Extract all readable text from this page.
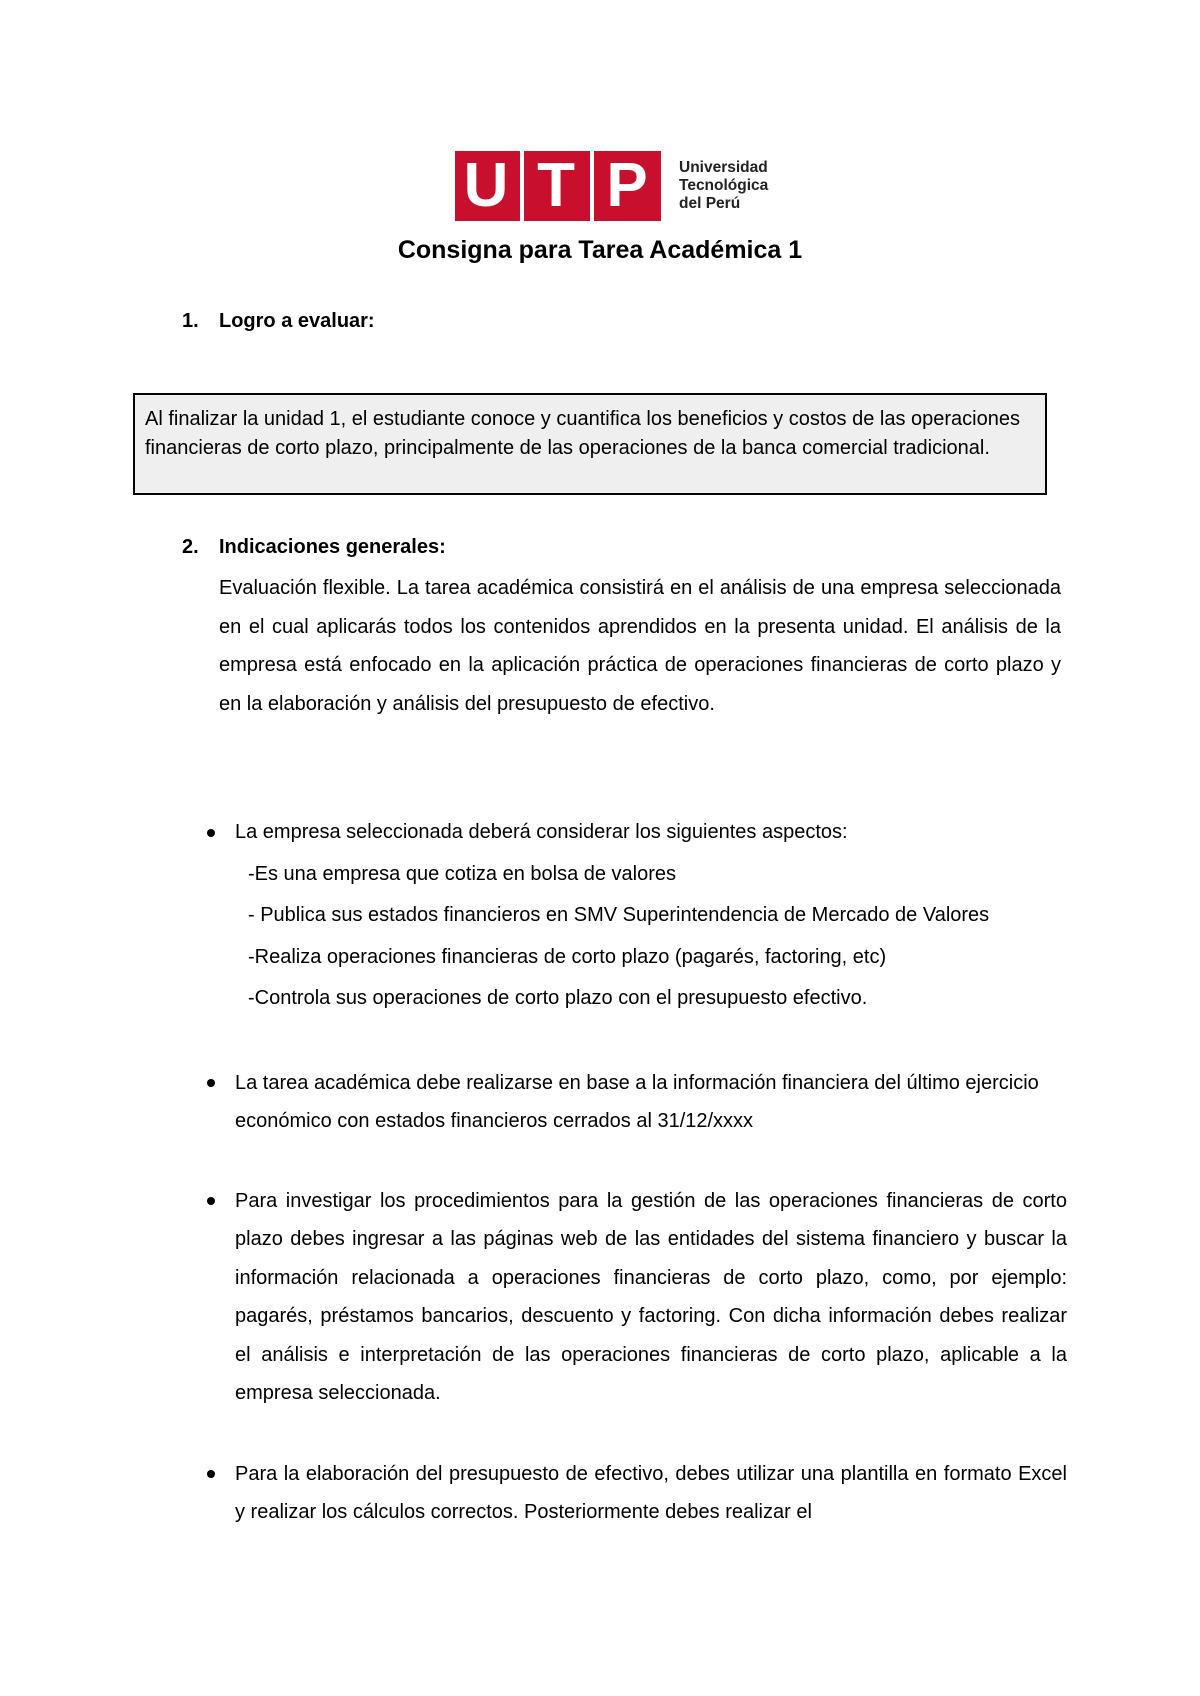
U T P	Universidad
Tecnológica
del Perú
Consigna para Tarea Académica 1
1. Logro a evaluar:
Al finalizar la unidad 1, el estudiante conoce y cuantifica los beneficios y costos de las operaciones financieras de corto plazo, principalmente de las operaciones de la banca comercial tradicional.
2. Indicaciones generales:
Evaluación flexible. La tarea académica consistirá en el análisis de una empresa seleccionada en el cual aplicarás todos los contenidos aprendidos en la presenta unidad. El análisis de la empresa está enfocado en la aplicación práctica de operaciones financieras de corto plazo y en la elaboración y análisis del presupuesto de efectivo.
La empresa seleccionada deberá considerar los siguientes aspectos:
-Es una empresa que cotiza en bolsa de valores
- Publica sus estados financieros en SMV Superintendencia de Mercado de Valores
-Realiza operaciones financieras de corto plazo (pagarés, factoring, etc)
-Controla sus operaciones de corto plazo con el presupuesto efectivo.
La tarea académica debe realizarse en base a la información financiera del último ejercicio económico con estados financieros cerrados al 31/12/xxxx
Para investigar los procedimientos para la gestión de las operaciones financieras de corto plazo debes ingresar a las páginas web de las entidades del sistema financiero y buscar la información relacionada a operaciones financieras de corto plazo, como, por ejemplo: pagarés, préstamos bancarios, descuento y factoring. Con dicha información debes realizar el análisis e interpretación de las operaciones financieras de corto plazo, aplicable a la empresa seleccionada.
Para la elaboración del presupuesto de efectivo, debes utilizar una plantilla en formato Excel y realizar los cálculos correctos. Posteriormente debes realizar el
